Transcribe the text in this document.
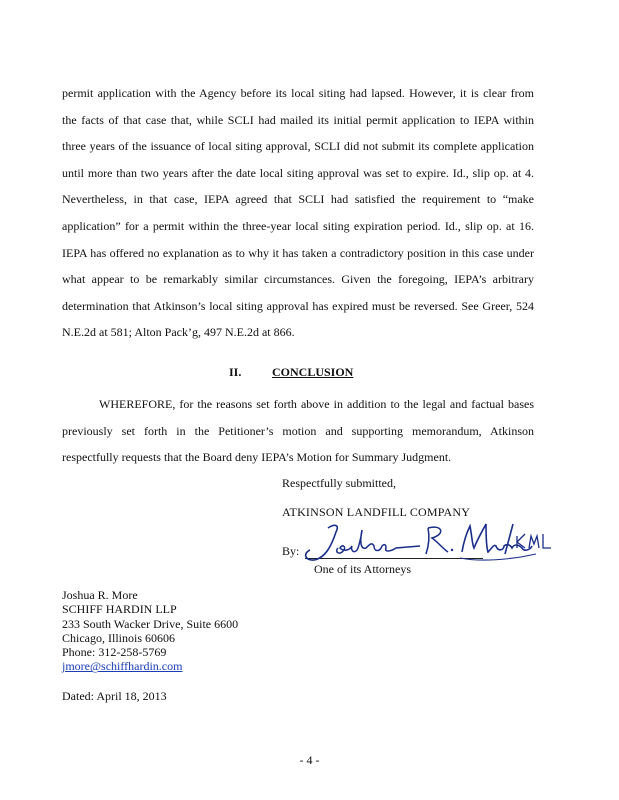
permit application with the Agency before its local siting had lapsed. However, it is clear from
the facts of that case that, while SCLI had mailed its initial permit application to IEPA within
three years of the issuance of local siting approval, SCLI did not submit its complete application
until more than two years after the date local siting approval was set to expire. Id., slip op. at 4.
Nevertheless, in that case, IEPA agreed that SCLI had satisfied the requirement to “make
application” for a permit within the three-year local siting expiration period. Id., slip op. at 16.
IEPA has offered no explanation as to why it has taken a contradictory position in this case under
what appear to be remarkably similar circumstances. Given the foregoing, IEPA’s arbitrary
determination that Atkinson’s local siting approval has expired must be reversed. See Greer, 524
N.E.2d at 581; Alton Pack’g, 497 N.E.2d at 866.
II.	CONCLUSION
WHEREFORE, for the reasons set forth above in addition to the legal and factual bases
previously set forth in the Petitioner’s motion and supporting memorandum, Atkinson
respectfully requests that the Board deny IEPA’s Motion for Summary Judgment.
Respectfully submitted,
ATKINSON LANDFILL COMPANY
By:
One of its Attorneys
Joshua R. More
SCHIFF HARDIN LLP
233 South Wacker Drive, Suite 6600
Chicago, Illinois 60606
Phone: 312-258-5769
jmore@schiffhardin.com
Dated: April 18, 2013
- 4 -
